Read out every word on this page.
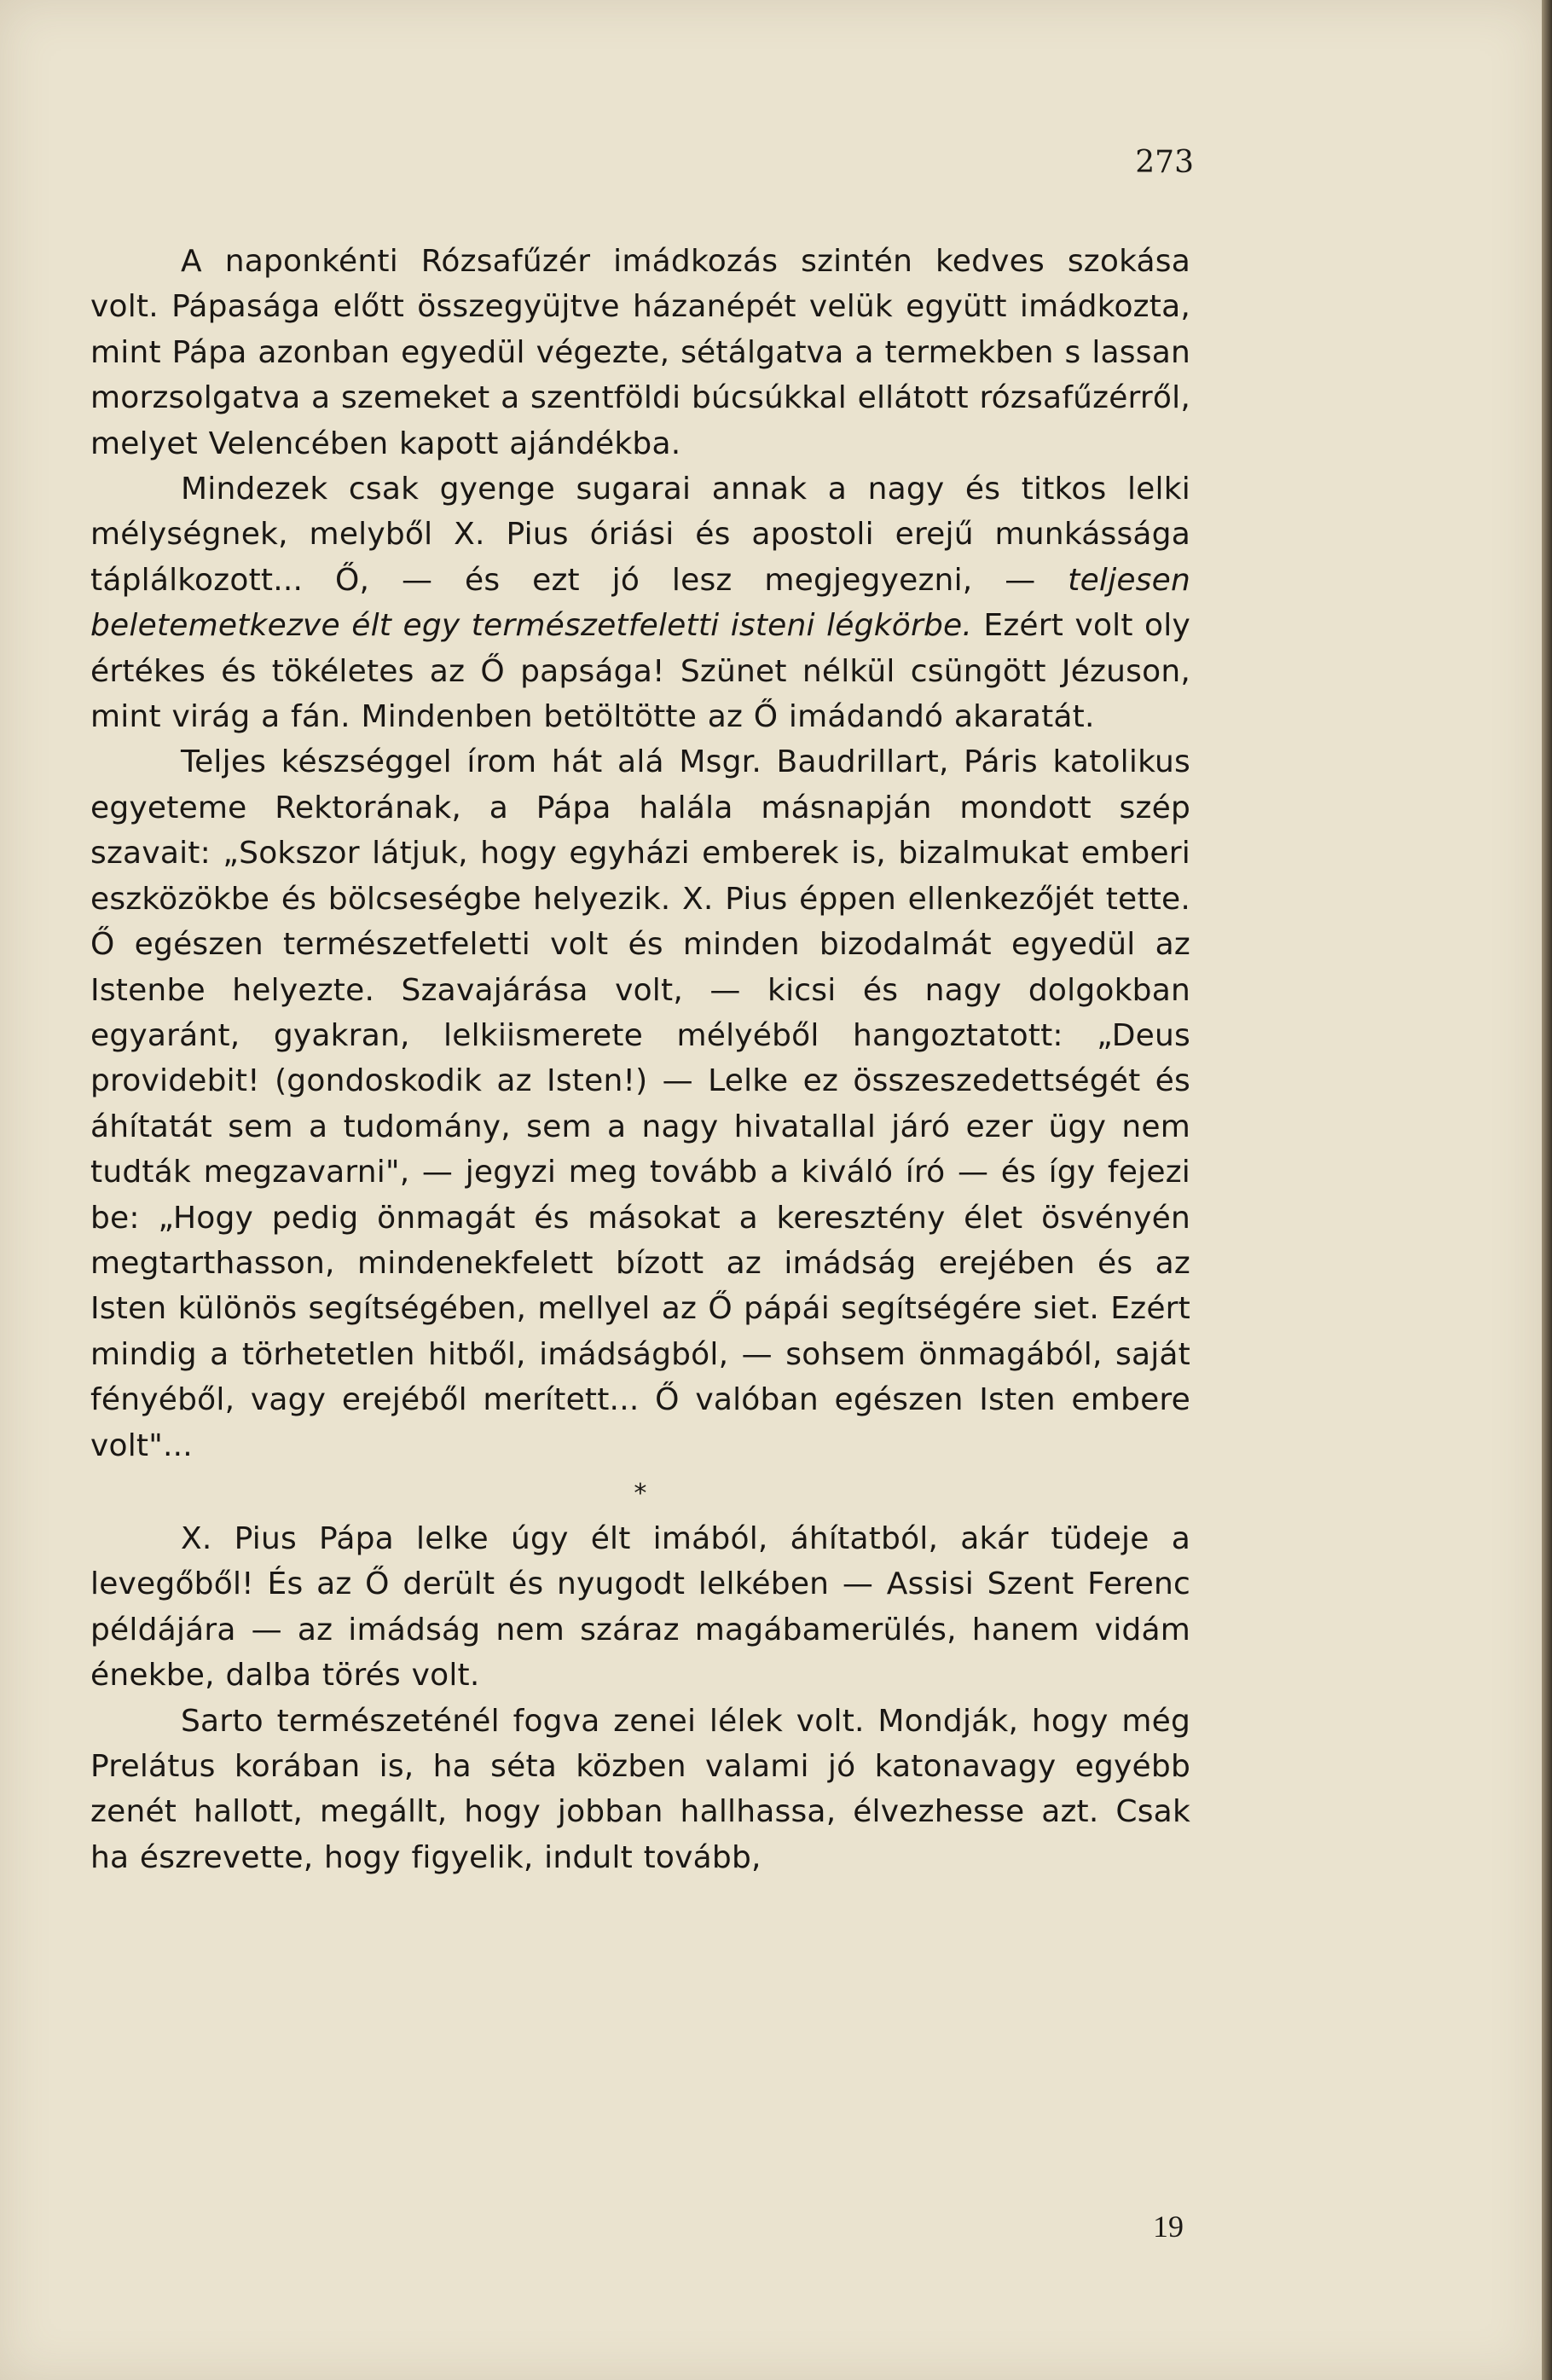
273

A naponkénti Rózsafűzér imádkozás szintén kedves szokása volt. Pápasága előtt összegyüjtve házanépét velük együtt imádkozta, mint Pápa azonban egyedül végezte, sétálgatva a termekben s lassan morzsolgatva a szemeket a szentföldi búcsúkkal ellátott rózsafűzérről, melyet Velencében kapott ajándékba.

Mindezek csak gyenge sugarai annak a nagy és titkos lelki mélységnek, melyből X. Pius óriási és apostoli erejű munkássága táplálkozott... Ő, — és ezt jó lesz megjegyezni, — teljesen beletemetkezve élt egy természetfeletti isteni légkörbe. Ezért volt oly értékes és tökéletes az Ő papsága! Szünet nélkül csüngött Jézuson, mint virág a fán. Mindenben betöltötte az Ő imádandó akaratát.

Teljes készséggel írom hát alá Msgr. Baudrillart, Páris katolikus egyeteme Rektorának, a Pápa halála másnapján mondott szép szavait: „Sokszor látjuk, hogy egyházi emberek is, bizalmukat emberi eszközökbe és bölcseségbe helyezik. X. Pius éppen ellenkezőjét tette. Ő egészen természetfeletti volt és minden bizodalmát egyedül az Istenbe helyezte. Szavajárása volt, — kicsi és nagy dolgokban egyaránt, gyakran, lelkiismerete mélyéből hangoztatott: „Deus providebit! (gondoskodik az Isten!) — Lelke ez összeszedettségét és áhítatát sem a tudomány, sem a nagy hivatallal járó ezer ügy nem tudták megzavarni", — jegyzi meg tovább a kiváló író — és így fejezi be: „Hogy pedig önmagát és másokat a keresztény élet ösvényén megtarthasson, mindenekfelett bízott az imádság erejében és az Isten különös segítségében, mellyel az Ő pápái segítségére siet. Ezért mindig a törhetetlen hitből, imádságból, — sohsem önmagából, saját fényéből, vagy erejéből merített... Ő valóban egészen Isten embere volt"...

*

X. Pius Pápa lelke úgy élt imából, áhítatból, akár tüdeje a levegőből! És az Ő derült és nyugodt lelkében — Assisi Szent Ferenc példájára — az imádság nem száraz magábamerülés, hanem vidám énekbe, dalba törés volt.

Sarto természeténél fogva zenei lélek volt. Mondják, hogy még Prelátus korában is, ha séta közben valami jó katonavagy egyébb zenét hallott, megállt, hogy jobban hallhassa, élvezhesse azt. Csak ha észrevette, hogy figyelik, indult tovább,

19
